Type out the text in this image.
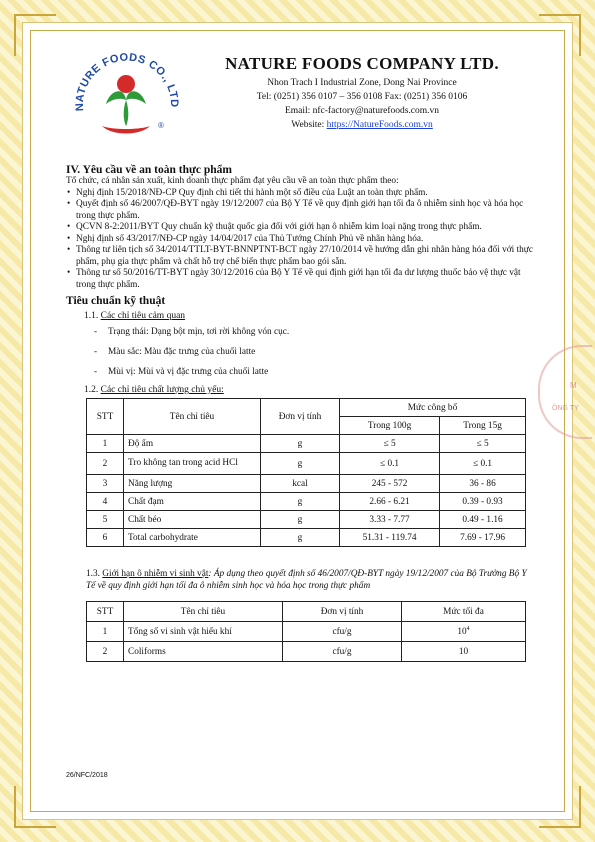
M
ÔNG TY
NATURE FOODS CO., LTD
®
NATURE FOODS COMPANY LTD.
Nhon Trach I Industrial Zone, Dong Nai Province
Tel: (0251) 356 0107 – 356 0108 Fax: (0251) 356 0106
Email: nfc-factory@naturefoods.com.vn
Website: https://NatureFoods.com.vn
IV. Yêu cầu về an toàn thực phẩm

Tổ chức, cá nhân sản xuất, kinh doanh thực phẩm đạt yêu cầu về an toàn thực phẩm theo:

• Nghị định 15/2018/NĐ-CP Quy định chi tiết thi hành một số điều của Luật an toàn thực phẩm.
• Quyết định số 46/2007/QĐ-BYT ngày 19/12/2007 của Bộ Y Tế về quy định giới hạn tối đa ô nhiễm sinh học và hóa học trong thực phẩm.
• QCVN 8-2:2011/BYT Quy chuẩn kỹ thuật quốc gia đối với giới hạn ô nhiễm kim loại nặng trong thực phẩm.
• Nghị định số 43/2017/NĐ-CP ngày 14/04/2017 của Thủ Tướng Chính Phủ về nhãn hàng hóa.
• Thông tư liên tịch số 34/2014/TTLT-BYT-BNNPTNT-BCT ngày 27/10/2014 về hướng dẫn ghi nhãn hàng hóa đối với thực phẩm, phụ gia thực phẩm và chất hỗ trợ chế biến thực phẩm bao gói sẵn.
• Thông tư số 50/2016/TT-BYT ngày 30/12/2016 của Bộ Y Tế về qui định giới hạn tối đa dư lượng thuốc bảo vệ thực vật trong thực phẩm.
Tiêu chuẩn kỹ thuật
1.1. Các chỉ tiêu cảm quan
- Trạng thái: Dạng bột mịn, tơi rời không vón cục.
- Màu sắc: Màu đặc trưng của chuối latte
- Mùi vị: Mùi và vị đặc trưng của chuối latte
1.2. Các chỉ tiêu chất lượng chủ yếu:
STT	Tên chỉ tiêu	Đơn vị tính	Mức công bố	
			Trong 100g	Trong 15g
1	Độ ẩm	g	≤ 5	≤ 5
2	Tro không tan trong acid HCl	g	≤ 0.1	≤ 0.1
3	Năng lượng	kcal	245 - 572	36 - 86
4	Chất đạm	g	2.66 - 6.21	0.39 - 0.93
5	Chất béo	g	3.33 - 7.77	0.49 - 1.16
6	Total carbohydrate	g	51.31 - 119.74	7.69 - 17.96

1.3. Giới hạn ô nhiễm vi sinh vật: Áp dụng theo quyết định số 46/2007/QĐ-BYT ngày 19/12/2007 của Bộ Trưởng Bộ Y Tế về quy định giới hạn tối đa ô nhiễm sinh học và hóa học trong thực phẩm

STT	Tên chỉ tiêu	Đơn vị tính	Mức tối đa
1	Tổng số vi sinh vật hiếu khí	cfu/g	$10^4$
2	Coliforms	cfu/g	10
26/NFC/2018
